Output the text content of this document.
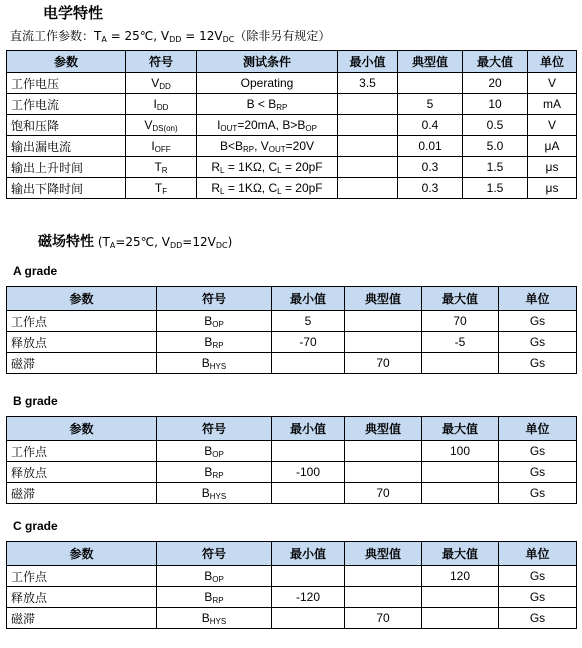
电学特性
直流工作参数：$T_A$ = 25℃, $V_{DD} = 12V_{DC}$（除非另有规定）
参数	符号	测试条件	最小值	典型值	最大值	单位
工作电压	$V_{DD}$	Operating	3.5		20	V
工作电流	$I_{DD}$	$B < B_{RP}$		5	10	mA
饱和压降	$V_{DS(on)}$	$I_{OUT}=20mA$, $B>B_{OP}$		0.4	0.5	V
输出漏电流	$I_{OFF}$	$B<B_{RP}$, $V_{OUT}=20V$		0.01	5.0	μA
输出上升时间	$T_R$	$R_L = 1K\Omega$, $C_L = 20pF$		0.3	1.5	μs
输出下降时间	$T_F$	$R_L = 1K\Omega$, $C_L = 20pF$		0.3	1.5	μs
磁场特性 ($T_A=25℃$, $V_{DD}=12V_{DC}$)
A grade
参数	符号	最小值	典型值	最大值	单位
工作点	$B_{OP}$	5		70	Gs
释放点	$B_{RP}$	-70		-5	Gs
磁滞	$B_{HYS}$		70		Gs
B grade
参数	符号	最小值	典型值	最大值	单位
工作点	$B_{OP}$			100	Gs
释放点	$B_{RP}$	-100			Gs
磁滞	$B_{HYS}$		70		Gs
C grade
参数	符号	最小值	典型值	最大值	单位
工作点	$B_{OP}$			120	Gs
释放点	$B_{RP}$	-120			Gs
磁滞	$B_{HYS}$		70		Gs
